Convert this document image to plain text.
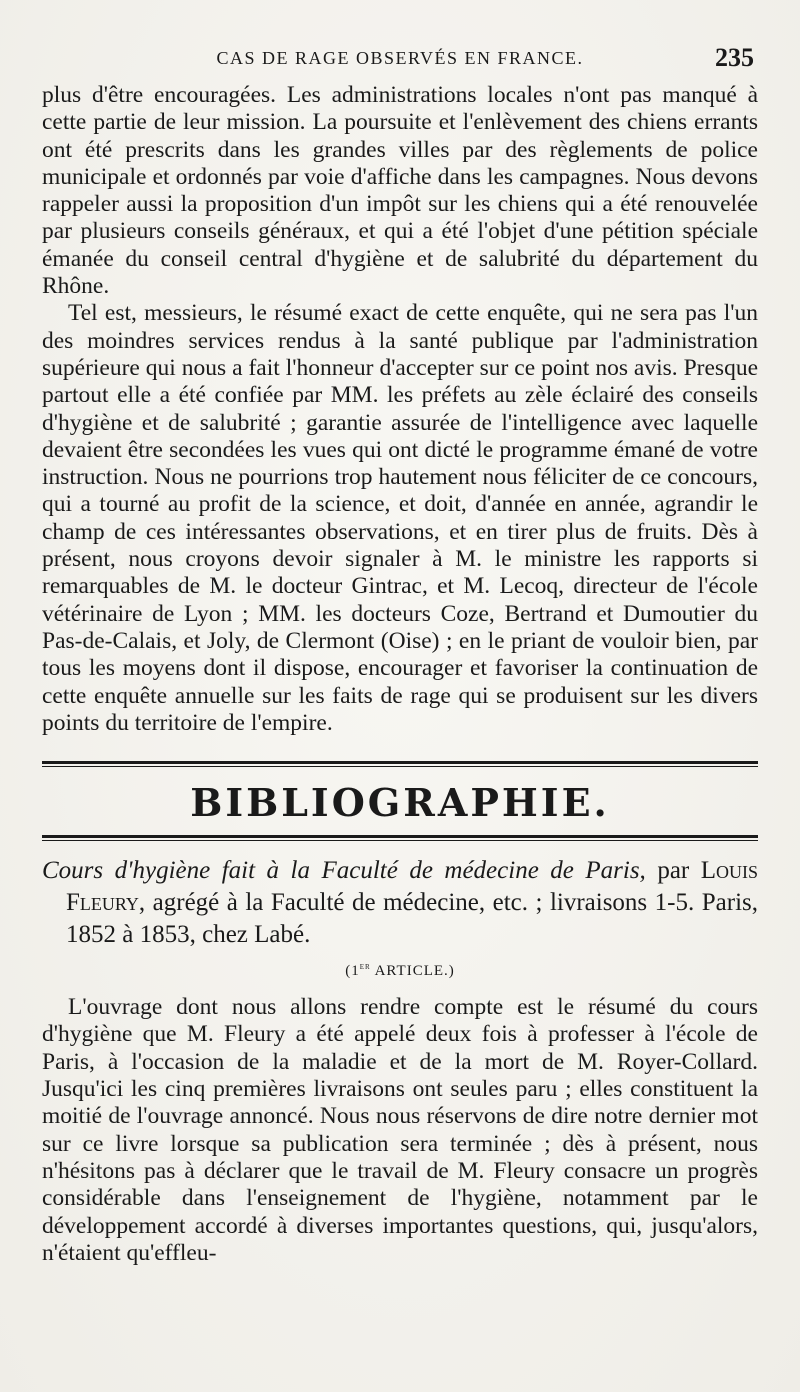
CAS DE RAGE OBSERVÉS EN FRANCE.	235

plus d'être encouragées. Les administrations locales n'ont pas manqué à cette partie de leur mission. La poursuite et l'enlèvement des chiens errants ont été prescrits dans les grandes villes par des règlements de police municipale et ordonnés par voie d'affiche dans les campagnes. Nous devons rappeler aussi la proposition d'un impôt sur les chiens qui a été renouvelée par plusieurs conseils généraux, et qui a été l'objet d'une pétition spéciale émanée du conseil central d'hygiène et de salubrité du département du Rhône.

Tel est, messieurs, le résumé exact de cette enquête, qui ne sera pas l'un des moindres services rendus à la santé publique par l'administration supérieure qui nous a fait l'honneur d'accepter sur ce point nos avis. Presque partout elle a été confiée par MM. les préfets au zèle éclairé des conseils d'hygiène et de salubrité ; garantie assurée de l'intelligence avec laquelle devaient être secondées les vues qui ont dicté le programme émané de votre instruction. Nous ne pourrions trop hautement nous féliciter de ce concours, qui a tourné au profit de la science, et doit, d'année en année, agrandir le champ de ces intéressantes observations, et en tirer plus de fruits. Dès à présent, nous croyons devoir signaler à M. le ministre les rapports si remarquables de M. le docteur Gintrac, et M. Lecoq, directeur de l'école vétérinaire de Lyon ; MM. les docteurs Coze, Bertrand et Dumoutier du Pas-de-Calais, et Joly, de Clermont (Oise) ; en le priant de vouloir bien, par tous les moyens dont il dispose, encourager et favoriser la continuation de cette enquête annuelle sur les faits de rage qui se produisent sur les divers points du territoire de l'empire.

BIBLIOGRAPHIE.
Cours d'hygiène fait à la Faculté de médecine de Paris, par Louis Fleury, agrégé à la Faculté de médecine, etc. ; livraisons 1-5. Paris, 1852 à 1853, chez Labé.
(1er ARTICLE.)

L'ouvrage dont nous allons rendre compte est le résumé du cours d'hygiène que M. Fleury a été appelé deux fois à professer à l'école de Paris, à l'occasion de la maladie et de la mort de M. Royer-Collard. Jusqu'ici les cinq premières livraisons ont seules paru ; elles constituent la moitié de l'ouvrage annoncé. Nous nous réservons de dire notre dernier mot sur ce livre lorsque sa publication sera terminée ; dès à présent, nous n'hésitons pas à déclarer que le travail de M. Fleury consacre un progrès considérable dans l'enseignement de l'hygiène, notamment par le développement accordé à diverses importantes questions, qui, jusqu'alors, n'étaient qu'effleu-
